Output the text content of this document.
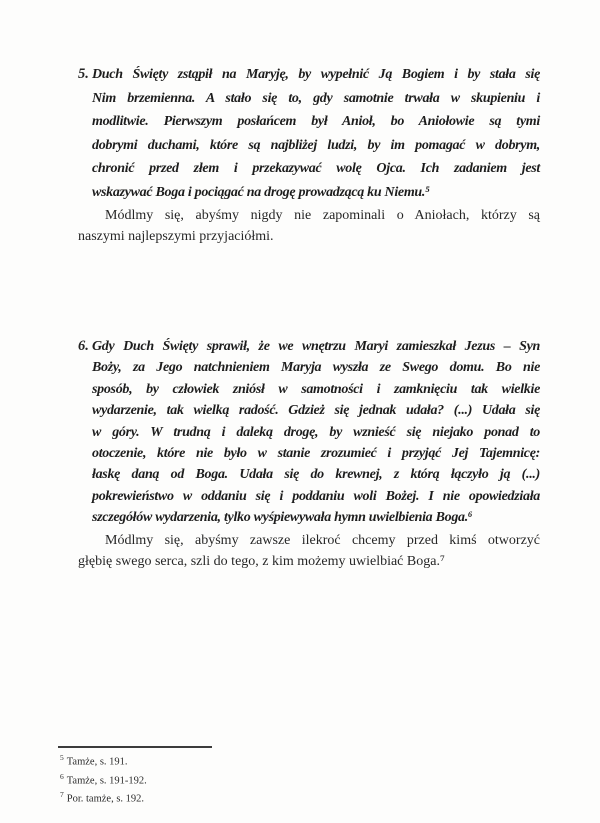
5. Duch Święty zstąpił na Maryję, by wypełnić Ją Bogiem i by stała się
Nim brzemienna. A stało się to, gdy samotnie trwała w skupieniu i
modlitwie. Pierwszym posłańcem był Anioł, bo Aniołowie są tymi
dobrymi duchami, które są najbliżej ludzi, by im pomagać w dobrym,
chronić przed złem i przekazywać wolę Ojca. Ich zadaniem jest
wskazywać Boga i pociągać na drogę prowadzącą ku Niemu.⁵
Módlmy się, abyśmy nigdy nie zapominali o Aniołach, którzy są
naszymi najlepszymi przyjaciółmi.
6. Gdy Duch Święty sprawił, że we wnętrzu Maryi zamieszkał Jezus – Syn
Boży, za Jego natchnieniem Maryja wyszła ze Swego domu. Bo nie
sposób, by człowiek zniósł w samotności i zamknięciu tak wielkie
wydarzenie, tak wielką radość. Gdzież się jednak udała? (...) Udała się
w góry. W trudną i daleką drogę, by wznieść się niejako ponad to
otoczenie, które nie było w stanie zrozumieć i przyjąć Jej Tajemnicę:
łaskę daną od Boga. Udała się do krewnej, z którą łączyło ją (...)
pokrewieństwo w oddaniu się i poddaniu woli Bożej. I nie opowiedziała
szczegółów wydarzenia, tylko wyśpiewywała hymn uwielbienia Boga.⁶
Módlmy się, abyśmy zawsze ilekroć chcemy przed kimś otworzyć
głębię swego serca, szli do tego, z kim możemy uwielbiać Boga.⁷
$^5$ Tamże, s. 191.
$^6$ Tamże, s. 191-192.
$^7$ Por. tamże, s. 192.
